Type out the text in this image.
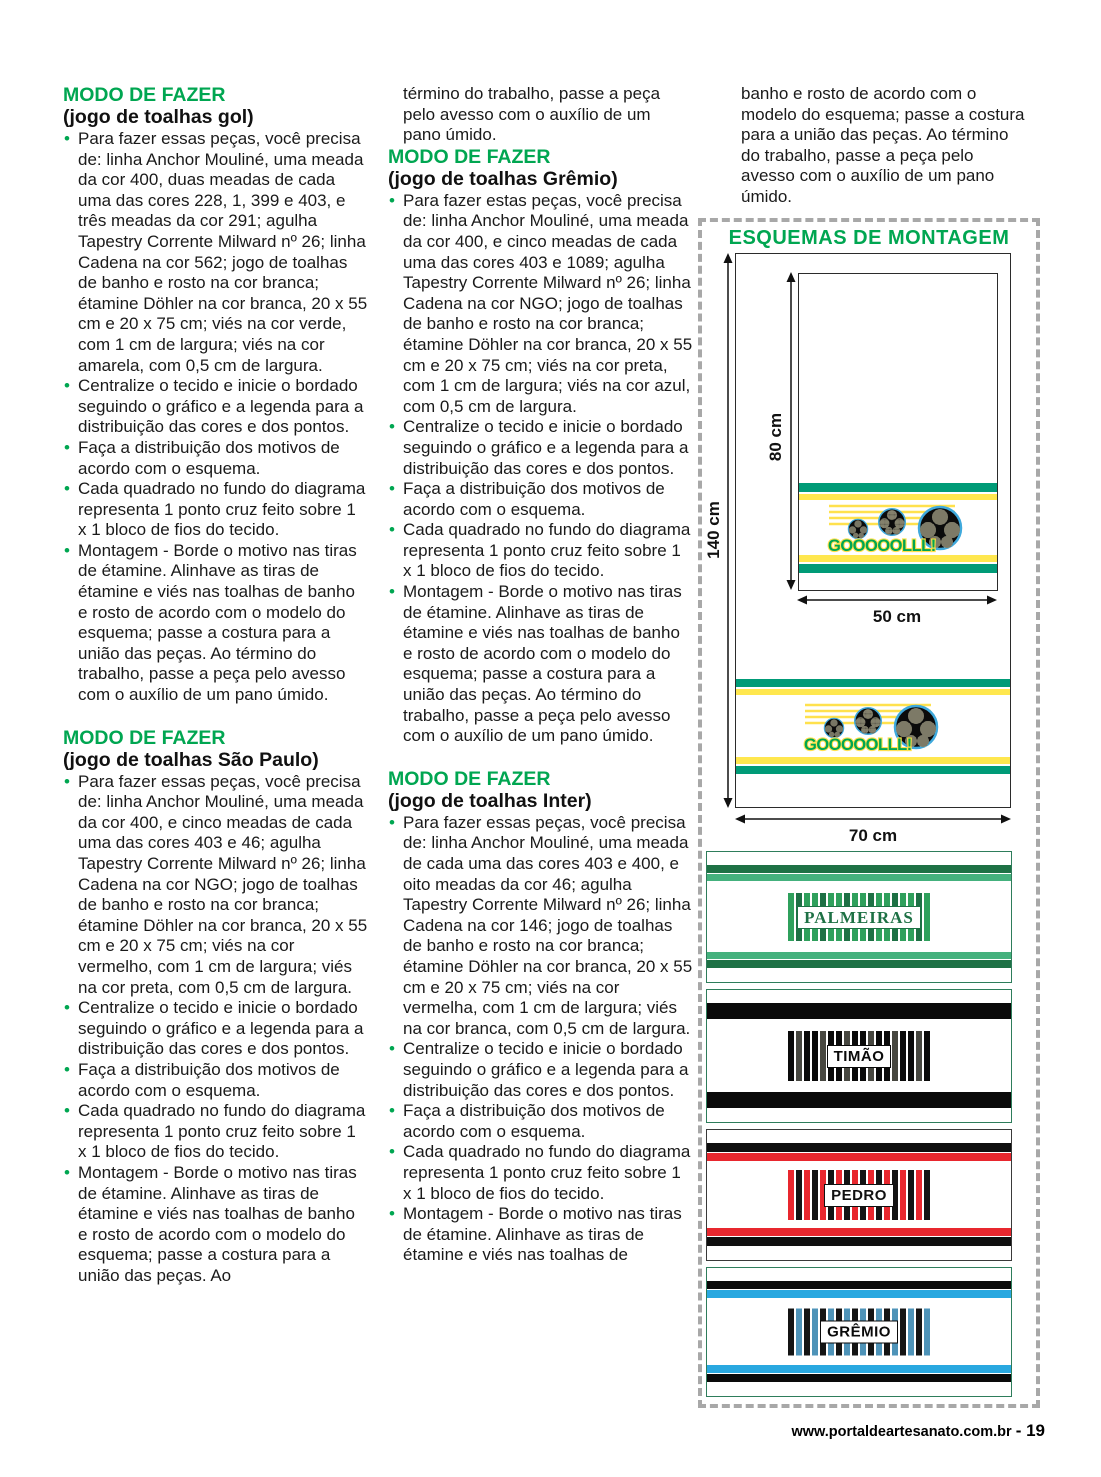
MODO DE FAZER
(jogo de toalhas gol)
• Para fazer essas peças, você precisa de: linha Anchor Mouliné, uma meada da cor 400, duas meadas de cada uma das cores 228, 1, 399 e 403, e três meadas da cor 291; agulha Tapestry Corrente Milward nº 26; linha Cadena na cor 562; jogo de toalhas de banho e rosto na cor branca; étamine Döhler na cor branca, 20 x 55 cm e 20 x 75 cm; viés na cor verde, com 1 cm de largura; viés na cor amarela, com 0,5 cm de largura.
• Centralize o tecido e inicie o bordado seguindo o gráfico e a legenda para a distribuição das cores e dos pontos.
• Faça a distribuição dos motivos de acordo com o esquema.
• Cada quadrado no fundo do diagrama representa 1 ponto cruz feito sobre 1 x 1 bloco de fios do tecido.
• Montagem - Borde o motivo nas tiras de étamine. Alinhave as tiras de étamine e viés nas toalhas de banho e rosto de acordo com o modelo do esquema; passe a costura para a união das peças. Ao término do trabalho, passe a peça pelo avesso com o auxílio de um pano úmido.
MODO DE FAZER
(jogo de toalhas São Paulo)
• Para fazer essas peças, você precisa de: linha Anchor Mouliné, uma meada da cor 400, e cinco meadas de cada uma das cores 403 e 46; agulha Tapestry Corrente Milward nº 26; linha Cadena na cor NGO; jogo de toalhas de banho e rosto na cor branca; étamine Döhler na cor branca, 20 x 55 cm e 20 x 75 cm; viés na cor vermelho, com 1 cm de largura; viés na cor preta, com 0,5 cm de largura.
• Centralize o tecido e inicie o bordado seguindo o gráfico e a legenda para a distribuição das cores e dos pontos.
• Faça a distribuição dos motivos de acordo com o esquema.
• Cada quadrado no fundo do diagrama representa 1 ponto cruz feito sobre 1 x 1 bloco de fios do tecido.
• Montagem - Borde o motivo nas tiras de étamine. Alinhave as tiras de étamine e viés nas toalhas de banho e rosto de acordo com o modelo do esquema; passe a costura para a união das peças. Ao

término do trabalho, passe a peça pelo avesso com o auxílio de um pano úmido.

MODO DE FAZER
(jogo de toalhas Grêmio)
• Para fazer estas peças, você precisa de: linha Anchor Mouliné, uma meada da cor 400, e cinco meadas de cada uma das cores 403 e 1089; agulha Tapestry Corrente Milward nº 26; linha Cadena na cor NGO; jogo de toalhas de banho e rosto na cor branca; étamine Döhler na cor branca, 20 x 55 cm e 20 x 75 cm; viés na cor preta, com 1 cm de largura; viés na cor azul, com 0,5 cm de largura.
• Centralize o tecido e inicie o bordado seguindo o gráfico e a legenda para a distribuição das cores e dos pontos.
• Faça a distribuição dos motivos de acordo com o esquema.
• Cada quadrado no fundo do diagrama representa 1 ponto cruz feito sobre 1 x 1 bloco de fios do tecido.
• Montagem - Borde o motivo nas tiras de étamine. Alinhave as tiras de étamine e viés nas toalhas de banho e rosto de acordo com o modelo do esquema; passe a costura para a união das peças. Ao término do trabalho, passe a peça pelo avesso com o auxílio de um pano úmido.
MODO DE FAZER
(jogo de toalhas Inter)
• Para fazer essas peças, você precisa de: linha Anchor Mouliné, uma meada de cada uma das cores 403 e 400, e oito meadas da cor 46; agulha Tapestry Corrente Milward nº 26; linha Cadena na cor 146; jogo de toalhas de banho e rosto na cor branca; étamine Döhler na cor branca, 20 x 55 cm e 20 x 75 cm; viés na cor vermelha, com 1 cm de largura; viés na cor branca, com 0,5 cm de largura.
• Centralize o tecido e inicie o bordado seguindo o gráfico e a legenda para a distribuição das cores e dos pontos.
• Faça a distribuição dos motivos de acordo com o esquema.
• Cada quadrado no fundo do diagrama representa 1 ponto cruz feito sobre 1 x 1 bloco de fios do tecido.
• Montagem - Borde o motivo nas tiras de étamine. Alinhave as tiras de étamine e viés nas toalhas de

banho e rosto de acordo com o modelo do esquema; passe a costura para a união das peças. Ao término do trabalho, passe a peça pelo avesso com o auxílio de um pano úmido.

ESQUEMAS DE MONTAGEM
140 cm
80 cm
50 cm
70 cm
PALMEIRAS
TIMÃO
PEDRO
GRÊMIO
www.portaldeartesanato.com.br - 19
